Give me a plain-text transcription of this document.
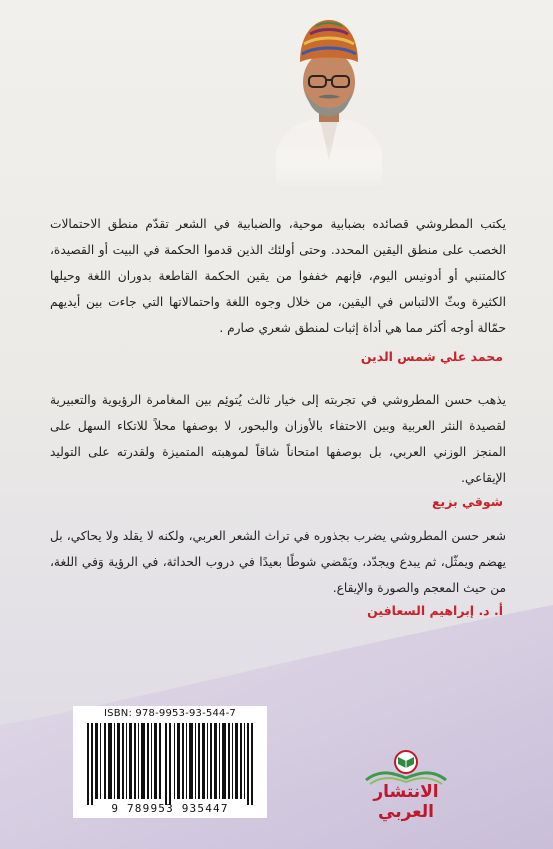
يكتب المطروشي قصائده بضبابية موحية، والضبابية في الشعر تقدّم منطق الاحتمالات الخصب على منطق اليقين المحدد. وحتى أولئك الذين قدموا الحكمة في البيت أو القصيدة، كالمتنبي أو أدونيس اليوم، فإنهم خففوا من يقين الحكمة القاطعة بدوران اللغة وحيلها الكثيرة وبثّ الالتباس في اليقين، من خلال وجوه اللغة واحتمالاتها التي جاءت بين أيديهم حمّالة أوجه أكثر مما هي أداة إثبات لمنطق شعري صارم .
محمد علي شمس الدين
يذهب حسن المطروشي في تجربته إلى خيار ثالث يُتوئِم بين المغامرة الرؤيوية والتعبيرية لقصيدة النثر العربية وبين الاحتفاء بالأوزان والبحور، لا بوصفها محلاً للاتكاء السهل على المنجز الوزني العربي، بل بوصفها امتحاناً شاقاً لموهبته المتميزة ولقدرته على التوليد الإيقاعي.
شوقي بزيع
شعر حسن المطروشي يضرب بجذوره في تراث الشعر العربي، ولكنه لا يقلد ولا يحاكي، بل يهضم ويمثّل، ثم يبدع ويجدّد، ويَمْضي شوطًا بعيدًا في دروب الحداثة، في الرؤية وَفي اللغة، من حيث المعجم والصورة والإيقاع.
أ. د. إبراهيم السعافين
ISBN: 978-9953-93-544-7
9 789953 935447
الانتشار العربي
